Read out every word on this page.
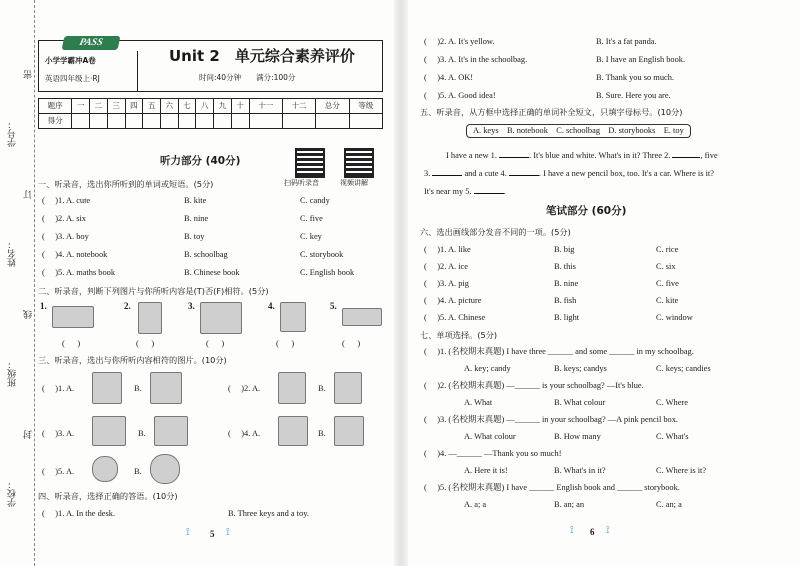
学号：
姓名：
班级：
学校：
密
订
线
封
PASS
小学学霸冲A卷
英语四年级上·RJ
Unit 2　单元综合素养评价
时间:40分钟　　满分:100分
题序	一	二	三	四	五	六	七	八	九	十	十一	十二	总分	等级
得分														
听力部分 (40分)
扫码听录音	视频讲解
一、听录音，选出你所听到的单词或短语。(5分)
(     )1. A. cute	B. kite	C. candy
(     )2. A. six	B. nine	C. five
(     )3. A. boy	B. toy	C. key
(     )4. A. notebook	B. schoolbag	C. storybook
(     )5. A. maths book	B. Chinese book	C. English book
二、听录音，判断下列图片与你所听内容是(T)否(F)相符。(5分)
1.	2.	3.	4.	5.
(      )	(      )	(      )	(      )	(      )
三、听录音，选出与你所听内容相符的图片。(10分)
(     )1. A.	B.	(     )2. A.	B.
(     )3. A.	B.	(     )4. A.	B.
(     )5. A.	B.
四、听录音，选择正确的答语。(10分)
(     )1. A. In the desk.	B. Three keys and a toy.
⟟ 5 ⟟
(     )2. A. It's yellow.	B. It's a fat panda.
(     )3. A. It's in the schoolbag.	B. I have an English book.
(     )4. A. OK!	B. Thank you so much.
(     )5. A. Good idea!	B. Sure. Here you are.
五、听录音，从方框中选择正确的单词补全短文，只填字母标号。(10分)
A. keys　B. notebook　C. schoolbag　D. storybooks　E. toy
I have a new 1.	. It's blue and white. What's in it? Three 2.	, five
3.	and a cute 4.	. I have a new pencil box, too. It's a car. Where is it?
It's near my 5.	.
笔试部分 (60分)
六、选出画线部分发音不同的一项。(5分)
(     )1. A. like	B. big	C. rice
(     )2. A. ice	B. this	C. six
(     )3. A. pig	B. nine	C. five
(     )4. A. picture	B. fish	C. kite
(     )5. A. Chinese	B. light	C. window
七、单项选择。(5分)
(     )1. (名校期末真题) I have three ______ and some ______ in my schoolbag.
A. key; candy	B. keys; candys	C. keys; candies
(     )2. (名校期末真题) —______ is your schoolbag? —It's blue.
A. What	B. What colour	C. Where
(     )3. (名校期末真题) —______ in your schoolbag? —A pink pencil box.
A. What colour	B. How many	C. What's
(     )4. —______ —Thank you so much!
A. Here it is!	B. What's in it?	C. Where is it?
(     )5. (名校期末真题) I have ______ English book and ______ storybook.
A. a; a	B. an; an	C. an; a
⟟ 6 ⟟
